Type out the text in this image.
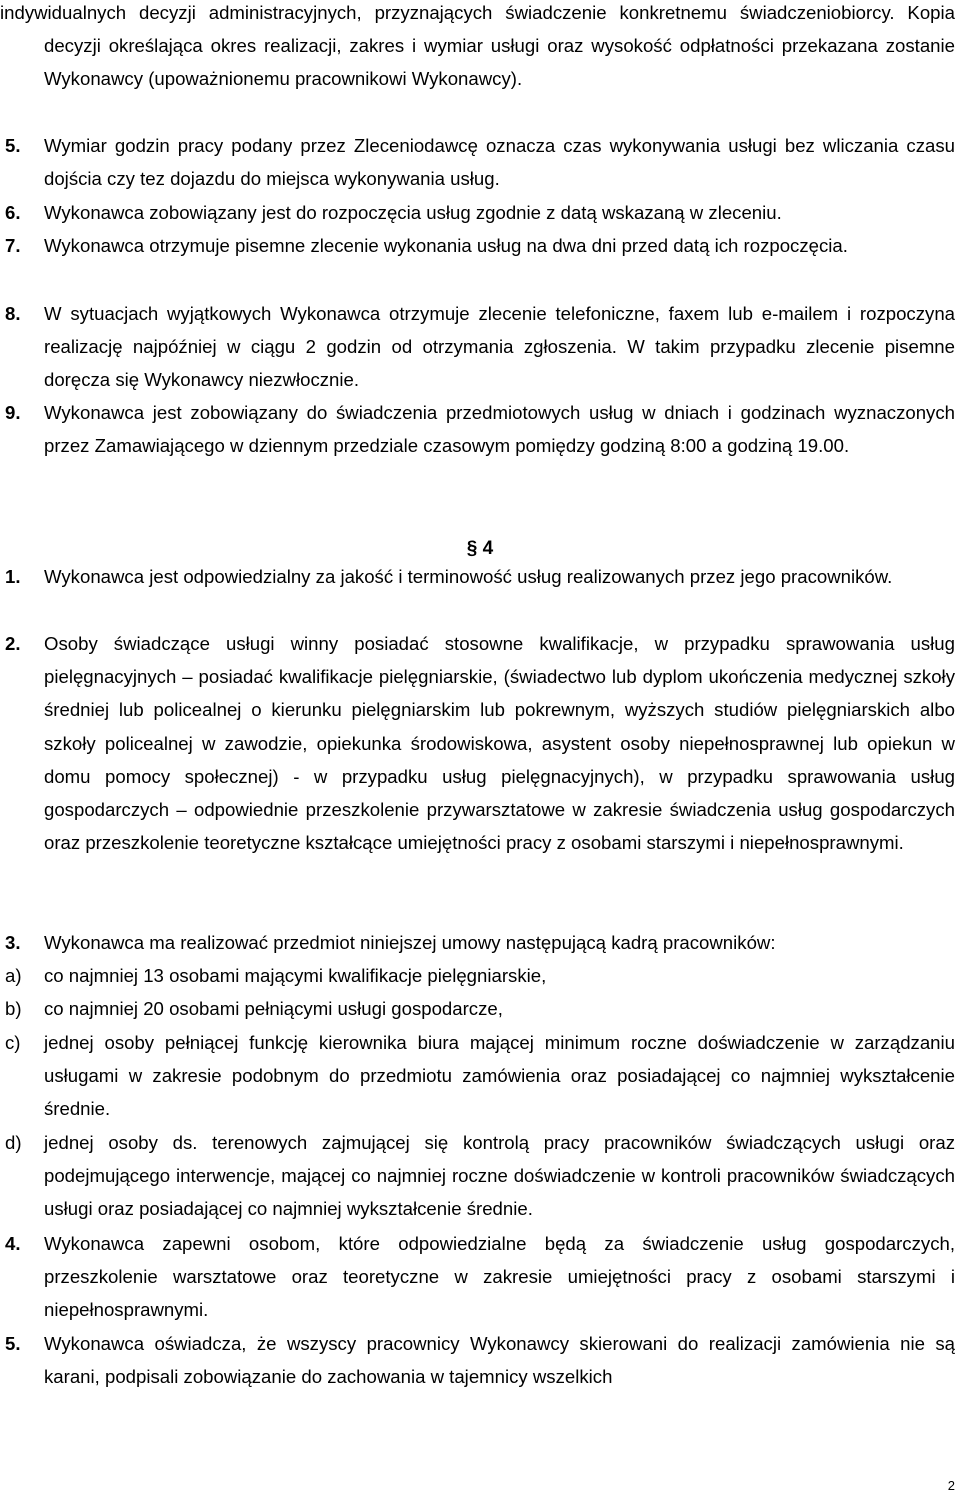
indywidualnych decyzji administracyjnych, przyznających świadczenie konkretnemu świadczeniobiorcy. Kopia decyzji określająca okres realizacji, zakres i wymiar usługi oraz wysokość odpłatności przekazana zostanie Wykonawcy (upoważnionemu pracownikowi Wykonawcy).
5. Wymiar godzin pracy podany przez Zleceniodawcę oznacza czas wykonywania usługi bez wliczania czasu dojścia czy tez dojazdu do miejsca wykonywania usług.
6. Wykonawca zobowiązany jest do rozpoczęcia usług zgodnie z datą wskazaną w zleceniu.
7. Wykonawca otrzymuje pisemne zlecenie wykonania usług na dwa dni przed datą ich rozpoczęcia.
8. W sytuacjach wyjątkowych Wykonawca otrzymuje zlecenie telefoniczne, faxem lub e-mailem i rozpoczyna realizację najpóźniej w ciągu 2 godzin od otrzymania zgłoszenia. W takim przypadku zlecenie pisemne doręcza się Wykonawcy niezwłocznie.
9. Wykonawca jest zobowiązany do świadczenia przedmiotowych usług w dniach i godzinach wyznaczonych przez Zamawiającego w dziennym przedziale czasowym pomiędzy godziną 8:00 a godziną 19.00.
§ 4
1. Wykonawca jest odpowiedzialny za jakość i terminowość usług realizowanych przez jego pracowników.
2. Osoby świadczące usługi winny posiadać stosowne kwalifikacje, w przypadku sprawowania usług pielęgnacyjnych – posiadać kwalifikacje pielęgniarskie, (świadectwo lub dyplom ukończenia medycznej szkoły średniej lub policealnej o kierunku pielęgniarskim lub pokrewnym, wyższych studiów pielęgniarskich albo szkoły policealnej w zawodzie, opiekunka środowiskowa, asystent osoby niepełnosprawnej lub opiekun w domu pomocy społecznej) - w przypadku usług pielęgnacyjnych), w przypadku sprawowania usług gospodarczych – odpowiednie przeszkolenie przywarsztatowe w zakresie świadczenia usług gospodarczych oraz przeszkolenie teoretyczne kształcące umiejętności pracy z osobami starszymi i niepełnosprawnymi.
3. Wykonawca ma realizować przedmiot niniejszej umowy następującą kadrą pracowników:
a) co najmniej 13 osobami mającymi kwalifikacje pielęgniarskie,
b) co najmniej 20 osobami pełniącymi usługi gospodarcze,
c) jednej osoby pełniącej funkcję kierownika biura mającej minimum roczne doświadczenie w zarządzaniu usługami w zakresie podobnym do przedmiotu zamówienia oraz posiadającej co najmniej wykształcenie średnie.
d) jednej osoby ds. terenowych zajmującej się kontrolą pracy pracowników świadczących usługi oraz podejmującego interwencje, mającej co najmniej roczne doświadczenie w kontroli pracowników świadczących usługi oraz posiadającej co najmniej wykształcenie średnie.
4. Wykonawca zapewni osobom, które odpowiedzialne będą za świadczenie usług gospodarczych, przeszkolenie warsztatowe oraz teoretyczne w zakresie umiejętności pracy z osobami starszymi i niepełnosprawnymi.
5. Wykonawca oświadcza, że wszyscy pracownicy Wykonawcy skierowani do realizacji zamówienia nie są karani, podpisali zobowiązanie do zachowania w tajemnicy wszelkich
2
